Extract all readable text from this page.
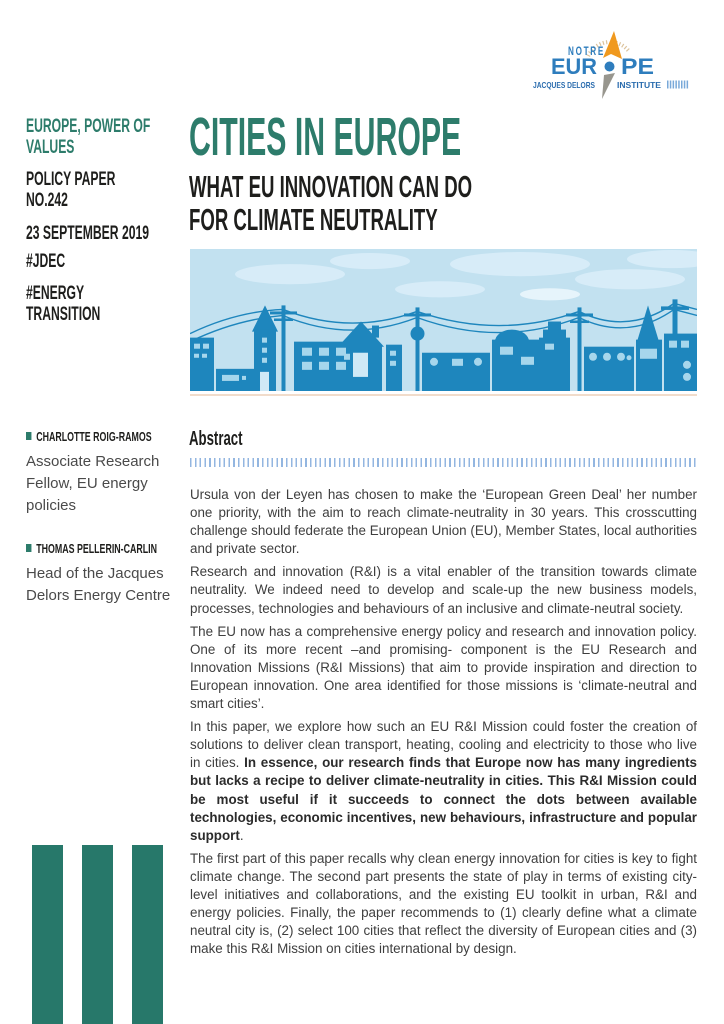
NOTRE
EUR PE
JACQUES DELORS	INSTITUTE
EUROPE, POWER OF VALUES
POLICY PAPER NO.242
23 SEPTEMBER 2019
#JDEC
#ENERGY TRANSITION
CHARLOTTE ROIG-RAMOS
Associate Research Fellow, EU energy policies
THOMAS PELLERIN-CARLIN
Head of the Jacques Delors Energy Centre
CITIES IN EUROPE
WHAT EU INNOVATION CAN DO
FOR CLIMATE NEUTRALITY
Abstract

Ursula von der Leyen has chosen to make the ‘European Green Deal’ her number one priority, with the aim to reach climate-neutrality in 30 years. This crosscutting challenge should federate the European Union (EU), Member States, local authorities and private sector.

Research and innovation (R&I) is a vital enabler of the transition towards climate neutrality. We indeed need to develop and scale-up the new business models, processes, technologies and behaviours of an inclusive and climate-neutral society.

The EU now has a comprehensive energy policy and research and innovation policy. One of its more recent –and promising- component is the EU Research and Innovation Missions (R&I Missions) that aim to provide inspiration and direction to European innovation. One area identified for those missions is ‘climate-neutral and smart cities’.

In this paper, we explore how such an EU R&I Mission could foster the creation of solutions to deliver clean transport, heating, cooling and electricity to those who live in cities. In essence, our research finds that Europe now has many ingredients but lacks a recipe to deliver climate-neutrality in cities. This R&I Mission could be most useful if it succeeds to connect the dots between available technologies, economic incentives, new behaviours, infrastructure and popular support.

The first part of this paper recalls why clean energy innovation for cities is key to fight climate change. The second part presents the state of play in terms of existing city-level initiatives and collaborations, and the existing EU toolkit in urban, R&I and energy policies. Finally, the paper recommends to (1) clearly define what a climate neutral city is, (2) select 100 cities that reflect the diversity of European cities and (3) make this R&I Mission on cities international by design.
